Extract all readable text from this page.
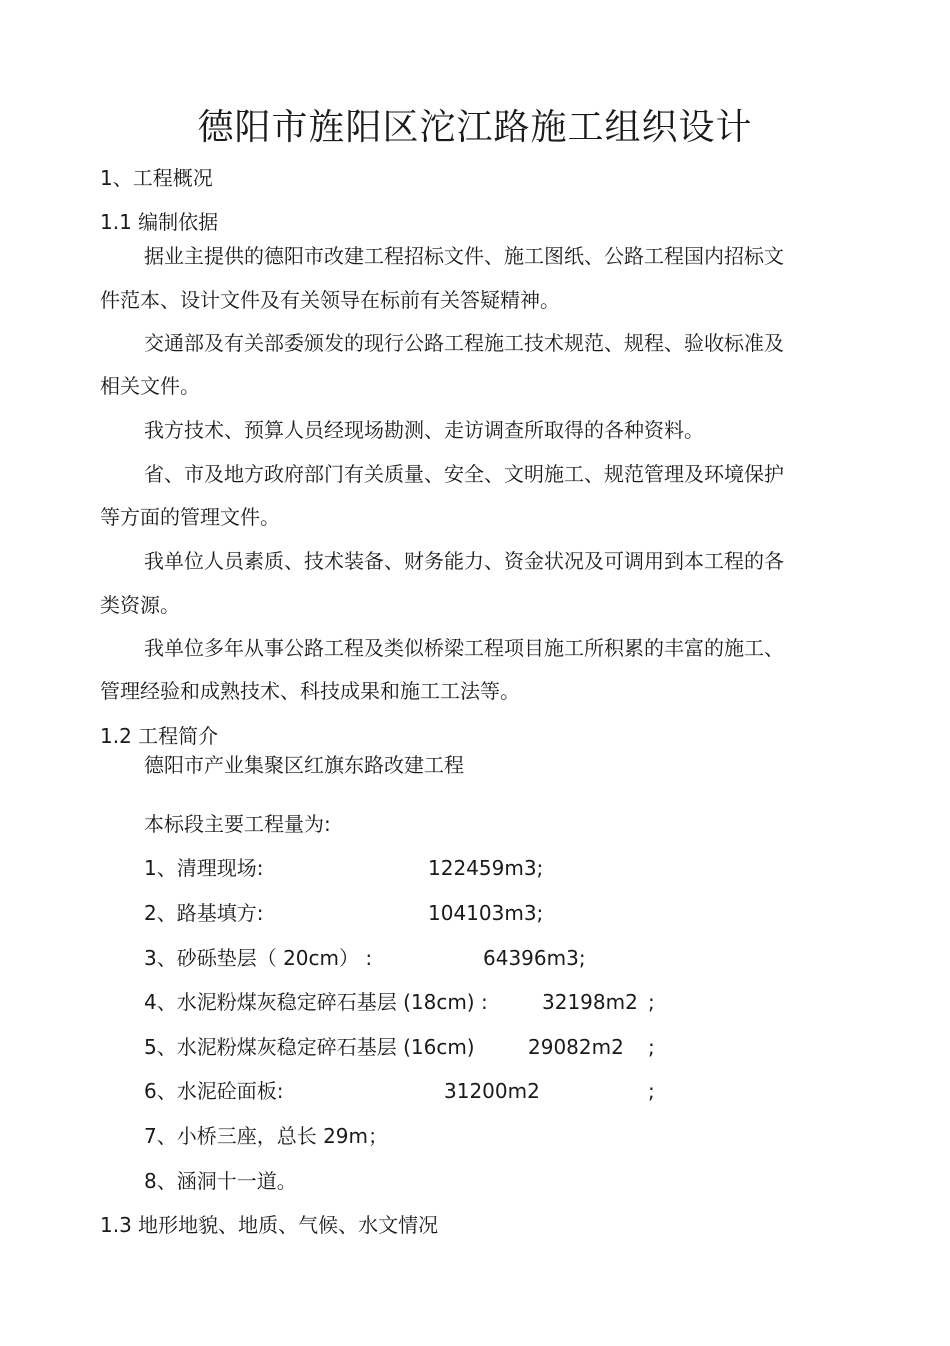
德阳市旌阳区沱江路施工组织设计
1、工程概况
1.1 编制依据
据业主提供的德阳市改建工程招标文件、施工图纸、公路工程国内招标文
件范本、设计文件及有关领导在标前有关答疑精神。
交通部及有关部委颁发的现行公路工程施工技术规范、规程、验收标准及
相关文件。
我方技术、预算人员经现场勘测、走访调查所取得的各种资料。
省、市及地方政府部门有关质量、安全、文明施工、规范管理及环境保护
等方面的管理文件。
我单位人员素质、技术装备、财务能力、资金状况及可调用到本工程的各
类资源。
我单位多年从事公路工程及类似桥梁工程项目施工所积累的丰富的施工、
管理经验和成熟技术、科技成果和施工工法等。
1.2 工程简介
德阳市产业集聚区红旗东路改建工程
本标段主要工程量为:
1、清理现场:	122459m3;
2、路基填方:	104103m3;
3、砂砾垫层（ 20cm） :	64396m3;
4、水泥粉煤灰稳定碎石基层 (18cm) :	32198m2 ;
5、水泥粉煤灰稳定碎石基层 (16cm)	29082m2 ;
6、水泥砼面板:	31200m2	;
7、小桥三座，总长 29m；
8、涵洞十一道。
1.3 地形地貌、地质、气候、水文情况
